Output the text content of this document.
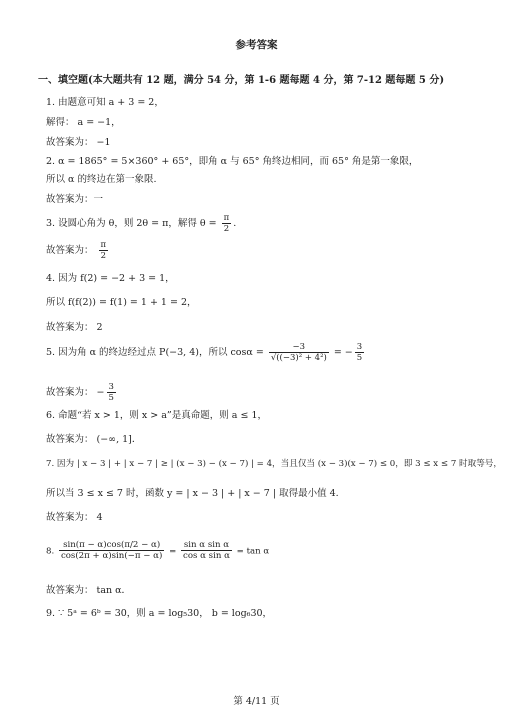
参考答案
一、填空题(本大题共有 12 题，满分 54 分，第 1-6 题每题 4 分，第 7-12 题每题 5 分)
1. 由题意可知 a + 3 = 2，
解得： a = −1，
故答案为： −1
2. α = 1865° = 5×360° + 65°，即角 α 与 65° 角终边相同，而 65° 角是第一象限，
所以 α 的终边在第一象限.
故答案为：一
3. 设圆心角为 θ，则 2θ = π，解得 $\theta = \frac{\pi}{2}$ .
故答案为： $\frac{\pi}{2}$
4. 因为 f(2) = −2 + 3 = 1，
所以 f(f(2)) = f(1) = 1 + 1 = 2，
故答案为： 2
5. 因为角 α 的终边经过点 P(−3, 4)，所以 $\cos\alpha = \frac{-3}{\text{√((−3)² + 4²)}}$ = − $\frac{3}{5}$
故答案为： − $\frac{3}{5}$
6. 命题“若 x > 1，则 x > a”是真命题，则 a ≤ 1，
故答案为： (−∞, 1]．
7. 因为 | x − 3 | + | x − 7 | ≥ | (x − 3) − (x − 7) | = 4，当且仅当 (x − 3)(x − 7) ≤ 0，即 3 ≤ x ≤ 7 时取等号，
所以当 3 ≤ x ≤ 7 时，函数 y = | x − 3 | + | x − 7 | 取得最小值 4.
故答案为： 4
8. $\frac{\sin(\pi - \alpha)\cos(\pi/2 - \alpha)}{\cos(2\pi + \alpha)\sin(-\pi - \alpha)} = \frac{\text{sin α sin α}}{\text{cos α sin α}} = \tan \alpha$
故答案为： tan α．
9. ∵ 5ᵃ = 6ᵇ = 30，则 a = log₅30， b = log₆30，
第 4/11 页
